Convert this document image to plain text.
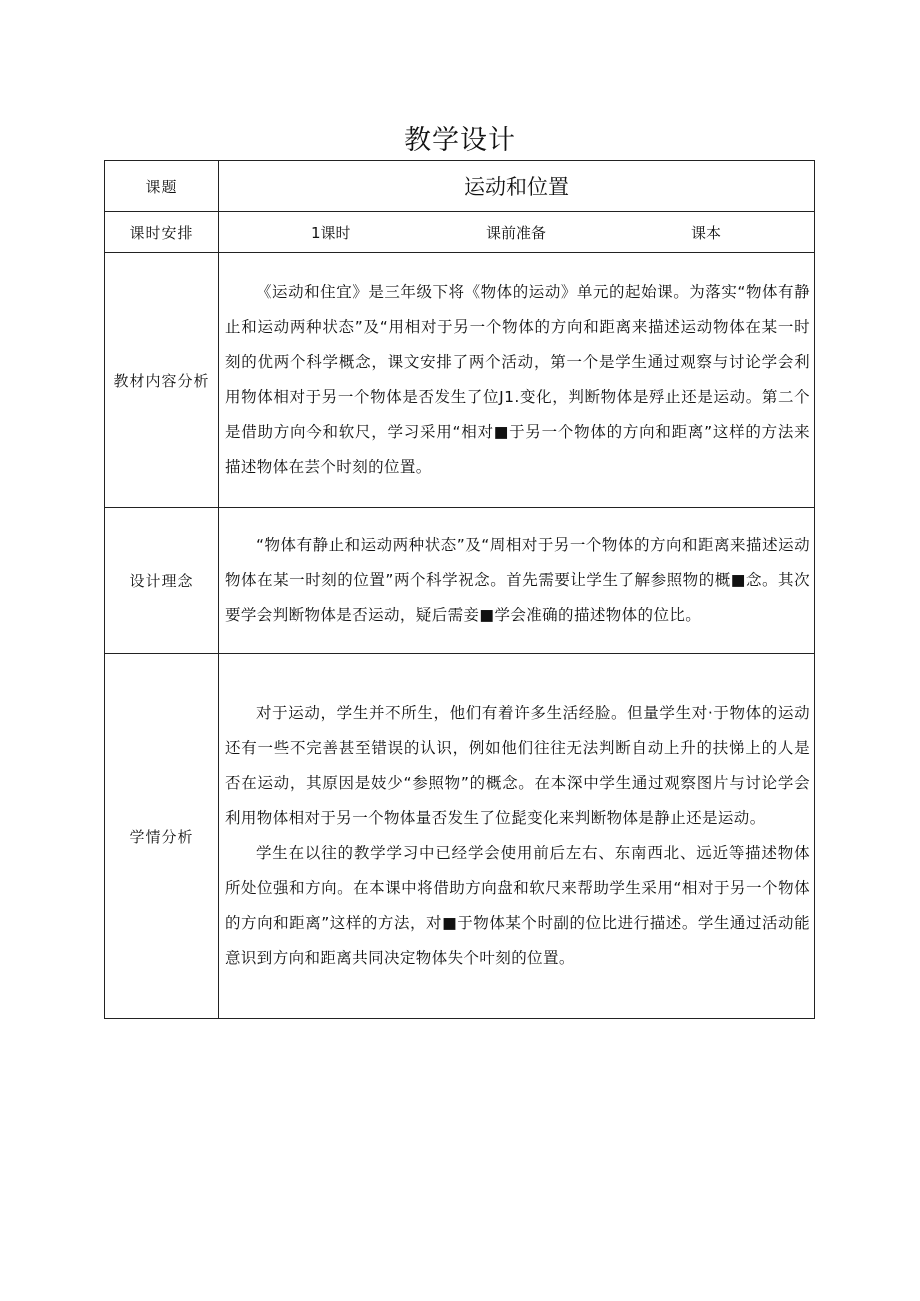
教学设计
课题	运动和位置
课时安排	1课时 课前准备 课本

教材内容分析	《运动和住宜》是三年级下将《物体的运动》单元的起始课。为落实“物体有静止和运动两种状态”及“用相对于另一个物体的方向和距离来描述运动物体在某一时刻的优两个科学概念，课文安排了两个活动，第一个是学生通过观察与讨论学会利用物体相对于另一个物体是否发生了位J1.变化，判断物体是殍止还是运动。第二个是借助方向今和软尺，学习采用“相对■于另一个物体的方向和距离”这样的方法来描述物体在芸个时刻的位置。

设计理念	“物体有静止和运动两种状态”及“周相对于另一个物体的方向和距离来描述运动物体在某一时刻的位置”两个科学祝念。首先需要让学生了解参照物的概■念。其次要学会判断物体是否运动，疑后需妾■学会准确的描述物体的位比。

学情分析	对于运动，学生并不所生，他们有着许多生活经脸。但量学生对·于物体的运动还有一些不完善甚至错误的认识，例如他们往往无法判断自动上升的扶悌上的人是否在运动，其原因是妓少“参照物”的概念。在本深中学生通过观察图片与讨论学会利用物体相对于另一个物体量否发生了位髭变化来判断物体是静止还是运动。

学生在以往的教学学习中已经学会使用前后左右、东南西北、远近等描述物体所处位强和方向。在本课中将借助方向盘和软尺来帮助学生采用“相对于另一个物体的方向和距离”这样的方法，对■于物体某个时副的位比进行描述。学生通过活动能意识到方向和距离共同决定物体失个叶刻的位置。
